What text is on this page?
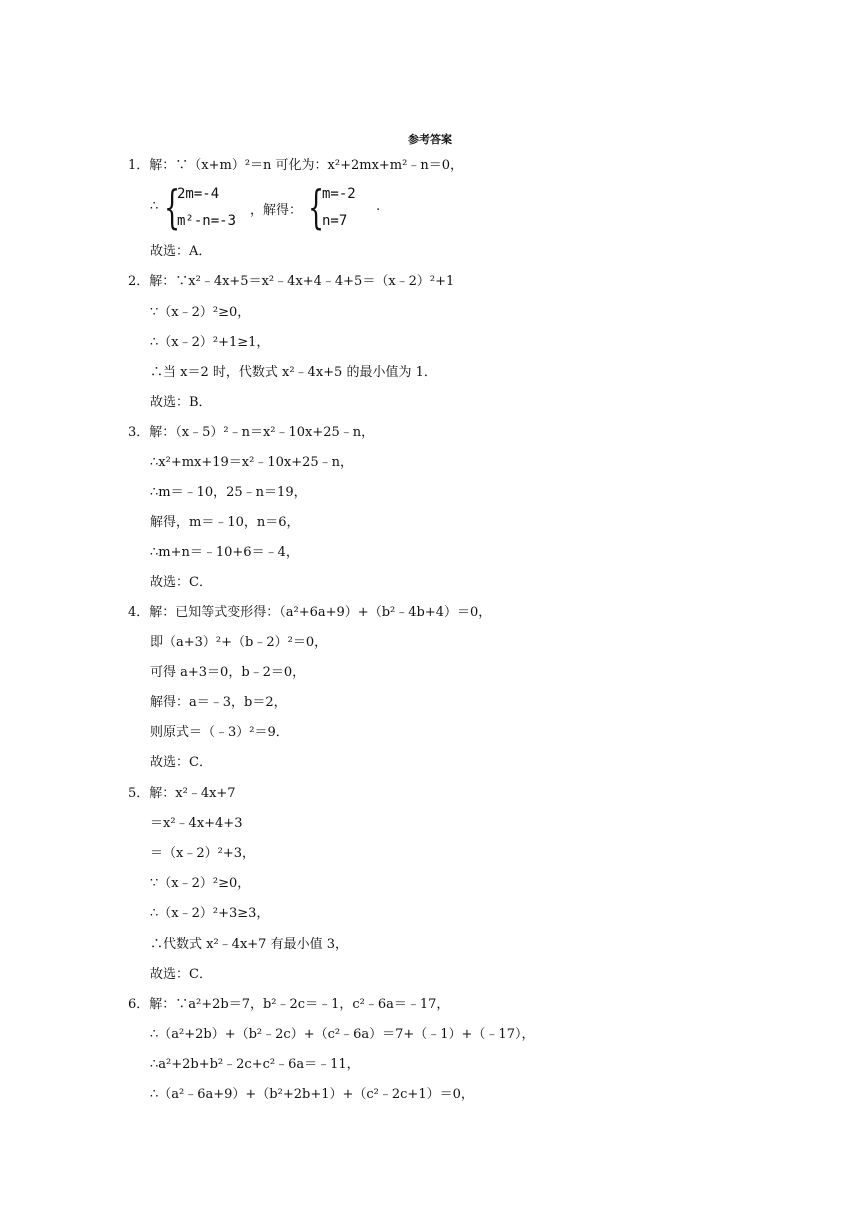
参考答案
1．解：∵（x+m）²＝n 可化为：x²+2mx+m²﹣n＝0，
∴ {
2m=-4
m²-n=-3
，解得： {
m=-2
n=7
.
故选：A．
2．解：∵x²﹣4x+5＝x²﹣4x+4﹣4+5＝（x﹣2）²+1
∵（x﹣2）²≥0，
∴（x﹣2）²+1≥1，
∴当 x＝2 时，代数式 x²﹣4x+5 的最小值为 1．
故选：B．
3．解：（x﹣5）²﹣n＝x²﹣10x+25﹣n，
∴x²+mx+19＝x²﹣10x+25﹣n，
∴m＝﹣10，25﹣n＝19，
解得，m＝﹣10，n＝6，
∴m+n＝﹣10+6＝﹣4，
故选：C．
4．解：已知等式变形得：（a²+6a+9）+（b²﹣4b+4）＝0，
即（a+3）²+（b﹣2）²＝0，
可得 a+3＝0，b﹣2＝0，
解得：a＝﹣3，b＝2，
则原式＝（﹣3）²＝9．
故选：C．
5．解：x²﹣4x+7
＝x²﹣4x+4+3
＝（x﹣2）²+3，
∵（x﹣2）²≥0，
∴（x﹣2）²+3≥3，
∴代数式 x²﹣4x+7 有最小值 3，
故选：C．
6．解：∵a²+2b＝7，b²﹣2c＝﹣1，c²﹣6a＝﹣17，
∴（a²+2b）+（b²﹣2c）+（c²﹣6a）＝7+（﹣1）+（﹣17），
∴a²+2b+b²﹣2c+c²﹣6a＝﹣11，
∴（a²﹣6a+9）+（b²+2b+1）+（c²﹣2c+1）＝0，
